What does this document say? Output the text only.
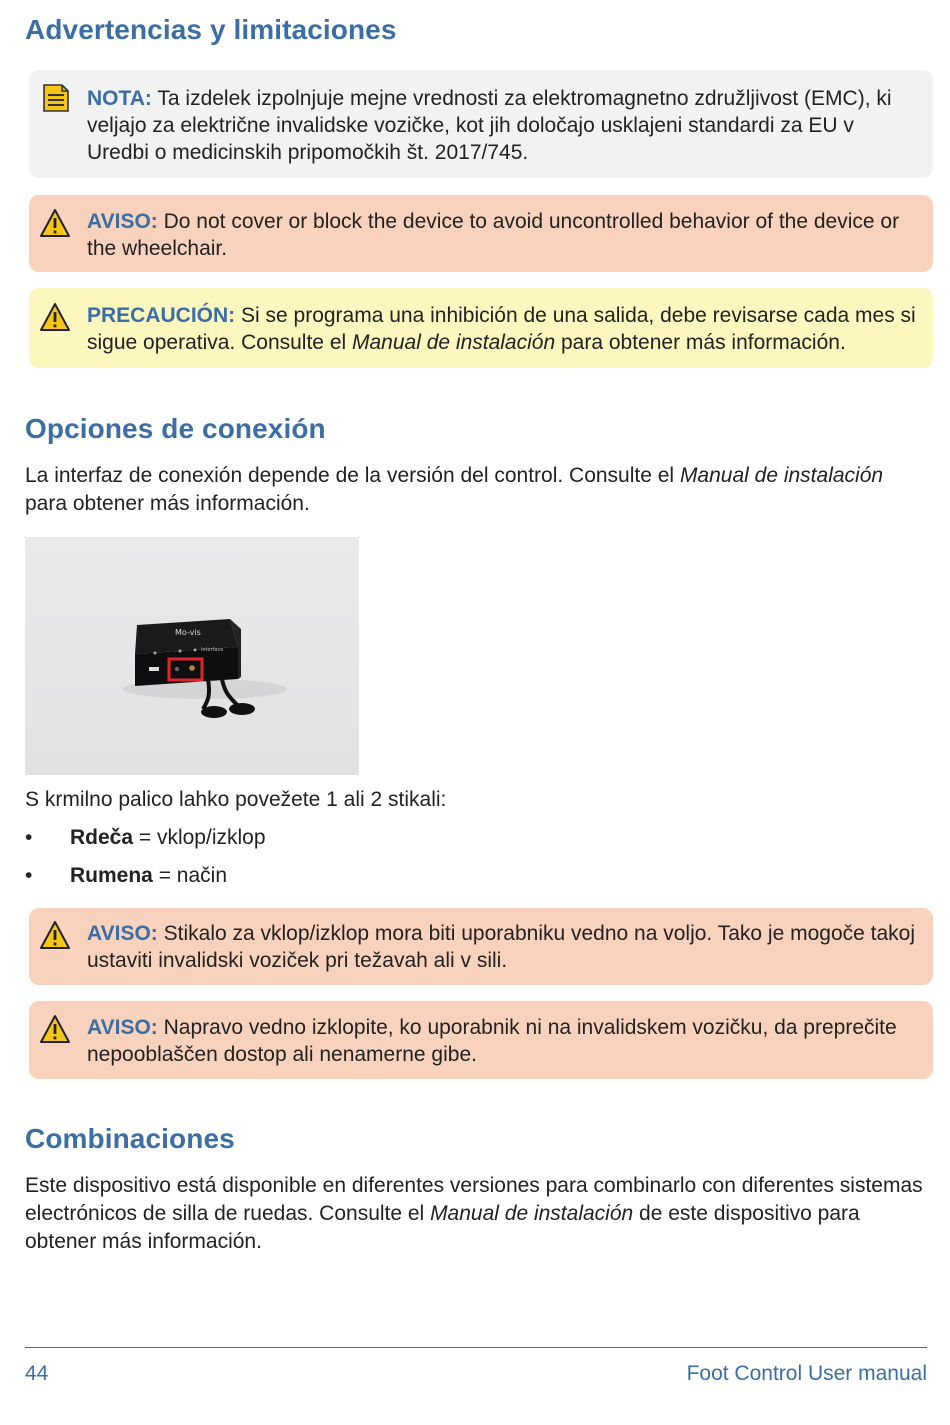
Advertencias y limitaciones
NOTA: Ta izdelek izpolnjuje mejne vrednosti za elektromagnetno združljivost (EMC), ki veljajo za električne invalidske vozičke, kot jih določajo usklajeni standardi za EU v Uredbi o medicinskih pripomočkih št. 2017/745.
AVISO: Do not cover or block the device to avoid uncontrolled behavior of the device or the wheelchair.
PRECAUCIÓN: Si se programa una inhibición de una salida, debe revisarse cada mes si sigue operativa. Consulte el Manual de instalación para obtener más información.
Opciones de conexión

La interfaz de conexión depende de la versión del control. Consulte el Manual de instalación para obtener más información.

Mo-vis
interface

S krmilno palico lahko povežete 1 ali 2 stikali:

• Rdeča = vklop/izklop
• Rumena = način
AVISO: Stikalo za vklop/izklop mora biti uporabniku vedno na voljo. Tako je mogoče takoj ustaviti invalidski voziček pri težavah ali v sili.
AVISO: Napravo vedno izklopite, ko uporabnik ni na invalidskem vozičku, da preprečite nepooblaščen dostop ali nenamerne gibe.
Combinaciones

Este dispositivo está disponible en diferentes versiones para combinarlo con diferentes sistemas electrónicos de silla de ruedas. Consulte el Manual de instalación de este dispositivo para obtener más información.

44	Foot Control User manual
